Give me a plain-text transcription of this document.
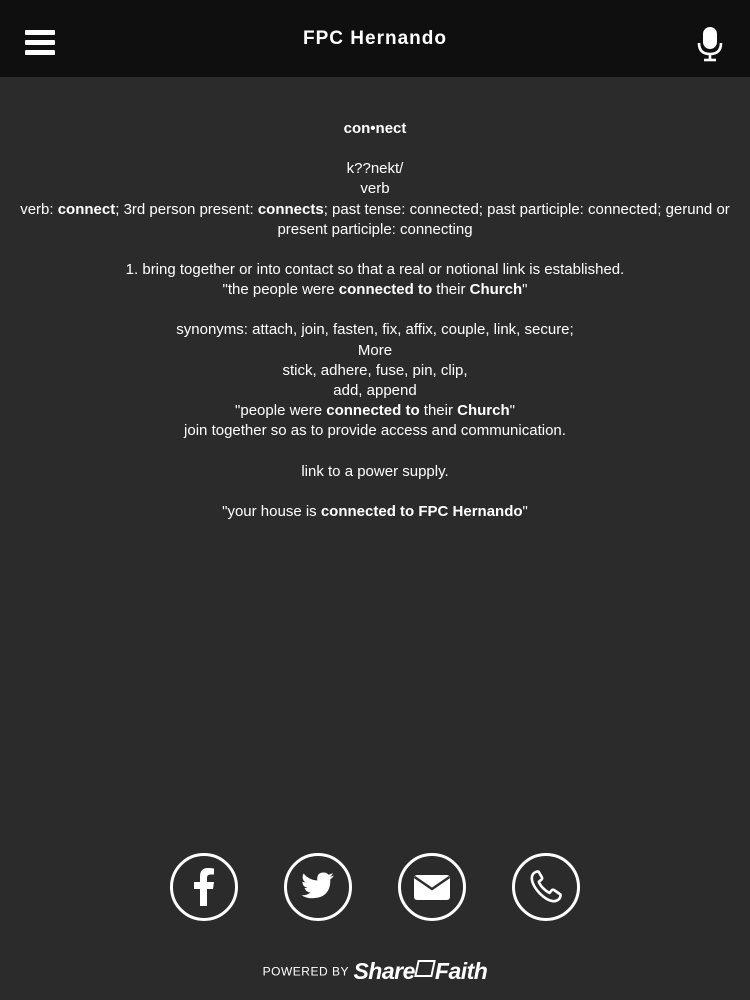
FPC Hernando

con•nect

k??nekt/

verb

verb: connect; 3rd person present: connects; past tense: connected; past participle: connected; gerund or present participle: connecting

1. bring together or into contact so that a real or notional link is established.

"the people were connected to their Church"

synonyms: attach, join, fasten, fix, affix, couple, link, secure;

More

stick, adhere, fuse, pin, clip,

add, append

"people were connected to their Church"

join together so as to provide access and communication.

link to a power supply.

"your house is connected to FPC Hernando"

POWERED BY Share Faith
